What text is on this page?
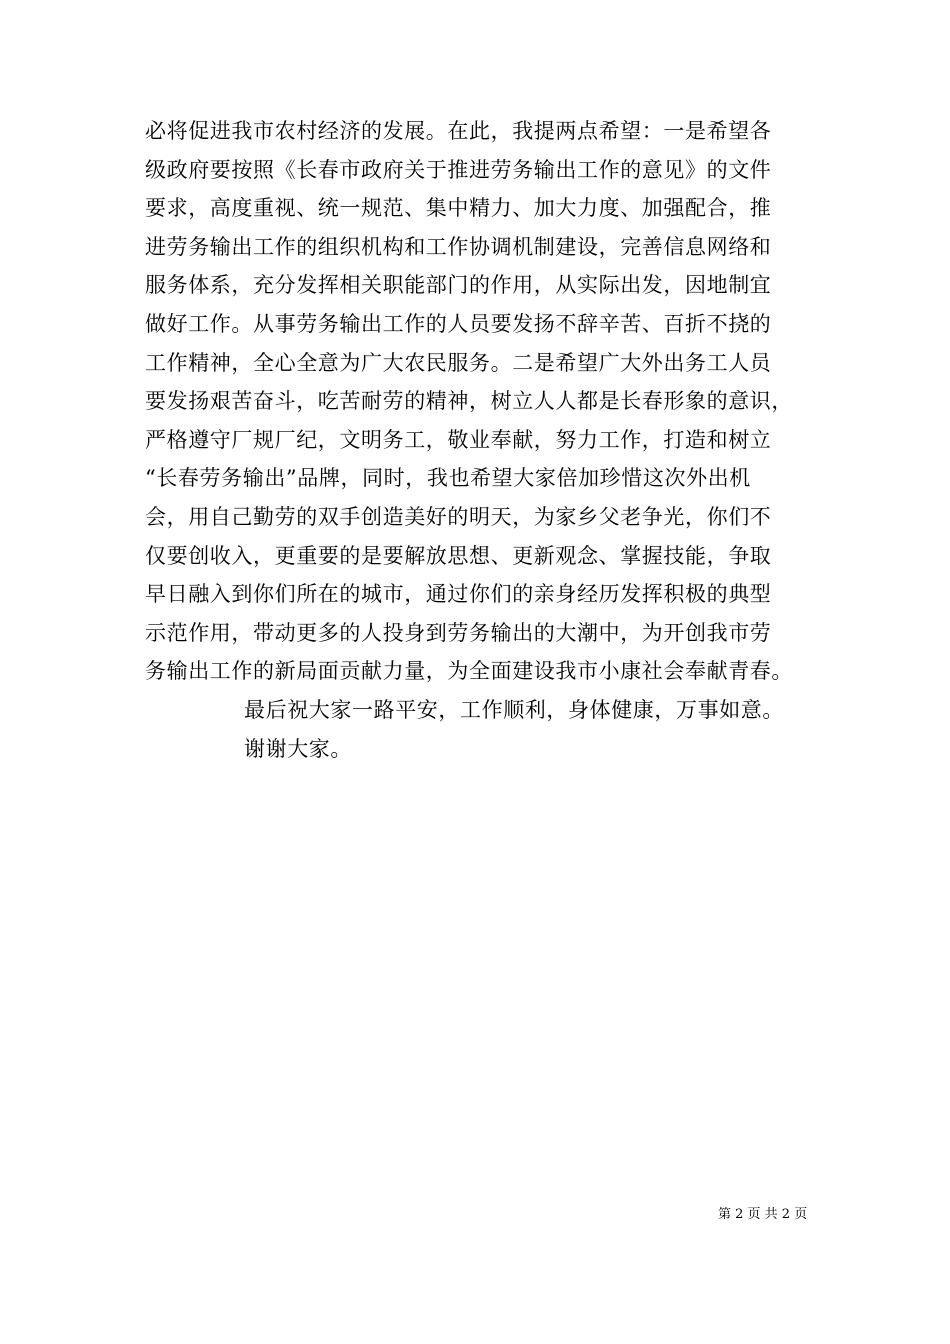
必将促进我市农村经济的发展。在此，我提两点希望：一是希望各
级政府要按照《长春市政府关于推进劳务输出工作的意见》的文件
要求，高度重视、统一规范、集中精力、加大力度、加强配合，推
进劳务输出工作的组织机构和工作协调机制建设，完善信息网络和
服务体系，充分发挥相关职能部门的作用，从实际出发，因地制宜
做好工作。从事劳务输出工作的人员要发扬不辞辛苦、百折不挠的
工作精神，全心全意为广大农民服务。二是希望广大外出务工人员
要发扬艰苦奋斗，吃苦耐劳的精神，树立人人都是长春形象的意识，
严格遵守厂规厂纪，文明务工，敬业奉献，努力工作，打造和树立
“长春劳务输出”品牌，同时，我也希望大家倍加珍惜这次外出机
会，用自己勤劳的双手创造美好的明天，为家乡父老争光，你们不
仅要创收入，更重要的是要解放思想、更新观念、掌握技能，争取
早日融入到你们所在的城市，通过你们的亲身经历发挥积极的典型
示范作用，带动更多的人投身到劳务输出的大潮中，为开创我市劳
务输出工作的新局面贡献力量，为全面建设我市小康社会奉献青春。
最后祝大家一路平安，工作顺利，身体健康，万事如意。
谢谢大家。
第 2 页 共 2 页
